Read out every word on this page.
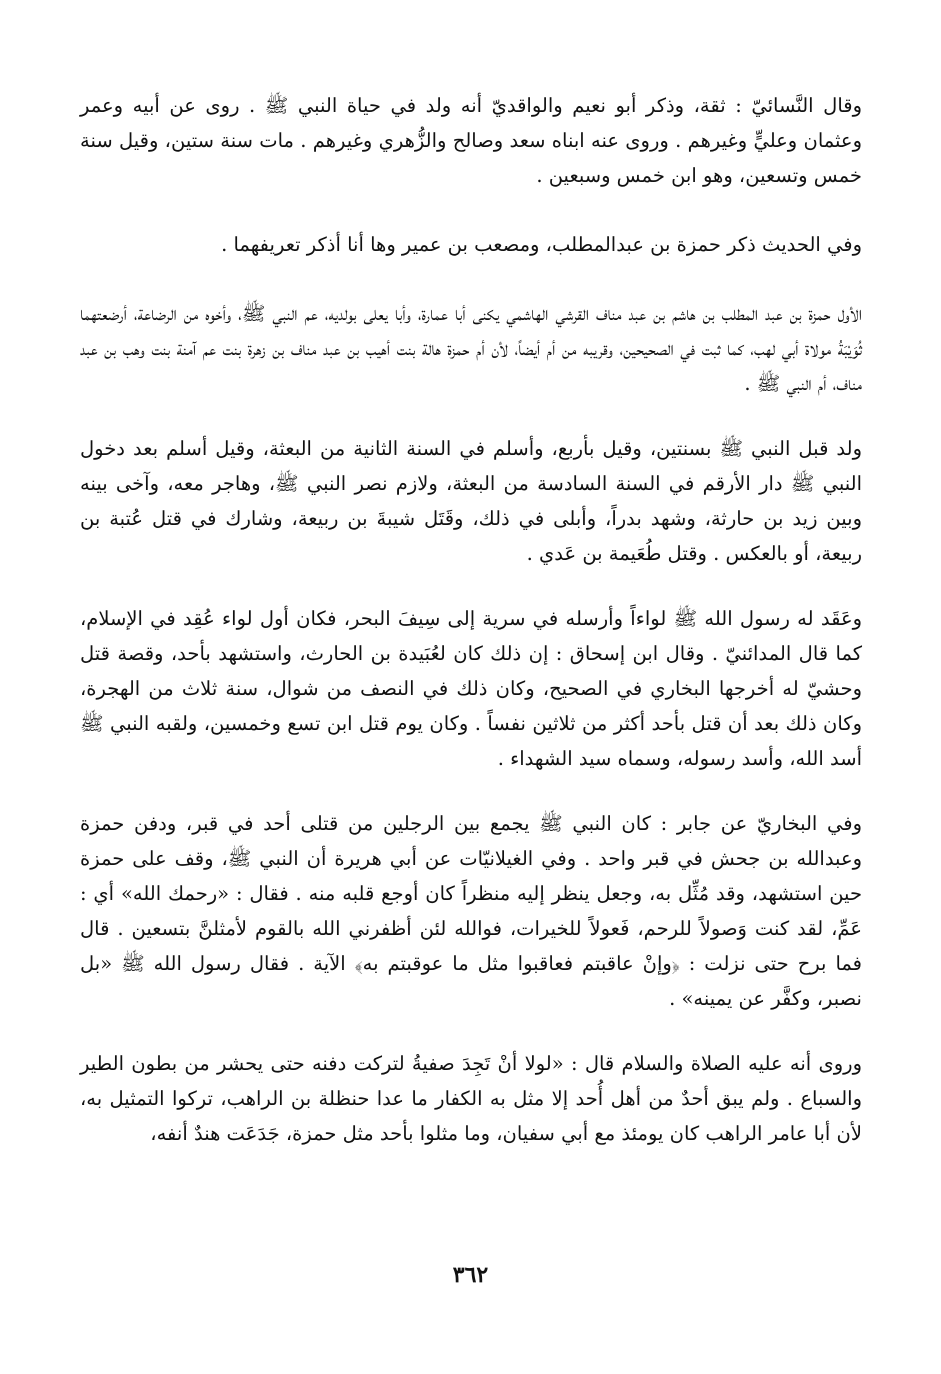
وقال النَّسائيّ : ثقة، وذكر أبو نعيم والواقديّ أنه ولد في حياة النبي ﷺ . روى عن أبيه وعمر وعثمان وعليٍّ وغيرهم . وروى عنه ابناه سعد وصالح والزُّهري وغيرهم . مات سنة ستين، وقيل سنة خمس وتسعين، وهو ابن خمس وسبعين .

وفي الحديث ذكر حمزة بن عبدالمطلب، ومصعب بن عمير وها أنا أذكر تعريفهما .

الأول حمزة بن عبد المطلب بن هاشم بن عبد مناف القرشي الهاشمي يكنى أبا عمارة، وأبا يعلى بولديه، عم النبي ﷺ، وأخوه من الرضاعة، أرضعتهما ثُوَيْبَةُ مولاة أبي لهب، كما ثبت في الصحيحين، وقريبه من أم أيضاً، لأن أم حمزة هالة بنت أهيب بن عبد مناف بن زهرة بنت عم آمنة بنت وهب بن عبد مناف، أم النبي ﷺ .

ولد قبل النبي ﷺ بسنتين، وقيل بأربع، وأسلم في السنة الثانية من البعثة، وقيل أسلم بعد دخول النبي ﷺ دار الأرقم في السنة السادسة من البعثة، ولازم نصر النبي ﷺ، وهاجر معه، وآخى بينه وبين زيد بن حارثة، وشهد بدراً، وأبلى في ذلك، وقَتَل شيبةَ بن ربيعة، وشارك في قتل عُتبة بن ربيعة، أو بالعكس . وقتل طُعَيمة بن عَدي .

وعَقَد له رسول الله ﷺ لواءاً وأرسله في سرية إلى سِيفَ البحر، فكان أول لواء عُقِد في الإسلام، كما قال المدائنيّ . وقال ابن إسحاق : إن ذلك كان لعُبَيدة بن الحارث، واستشهد بأحد، وقصة قتل وحشيّ له أخرجها البخاري في الصحيح، وكان ذلك في النصف من شوال، سنة ثلاث من الهجرة، وكان ذلك بعد أن قتل بأحد أكثر من ثلاثين نفساً . وكان يوم قتل ابن تسع وخمسين، ولقبه النبي ﷺ أسد الله، وأسد رسوله، وسماه سيد الشهداء .

وفي البخاريّ عن جابر : كان النبي ﷺ يجمع بين الرجلين من قتلى أحد في قبر، ودفن حمزة وعبدالله بن جحش في قبر واحد . وفي الغيلانيّات عن أبي هريرة أن النبي ﷺ، وقف على حمزة حين استشهد، وقد مُثِّل به، وجعل ينظر إليه منظراً كان أوجع قلبه منه . فقال : «رحمك الله» أي : عَمِّ، لقد كنت وَصولاً للرحم، فَعولاً للخيرات، فوالله لئن أظفرني الله بالقوم لأمثلنَّ بتسعين . قال فما برح حتى نزلت : ﴿وإنْ عاقبتم فعاقبوا مثل ما عوقبتم به﴾ الآية . فقال رسول الله ﷺ «بل نصبر، وكفَّر عن يمينه» .

وروى أنه عليه الصلاة والسلام قال : «لولا أنْ تَجِدَ صفيةُ لتركت دفنه حتى يحشر من بطون الطير والسباع . ولم يبق أحدٌ من أهل أُحد إلا مثل به الكفار ما عدا حنظلة بن الراهب، تركوا التمثيل به، لأن أبا عامر الراهب كان يومئذ مع أبي سفيان، وما مثلوا بأحد مثل حمزة، جَدَعَت هندٌ أنفه،

٣٦٢
